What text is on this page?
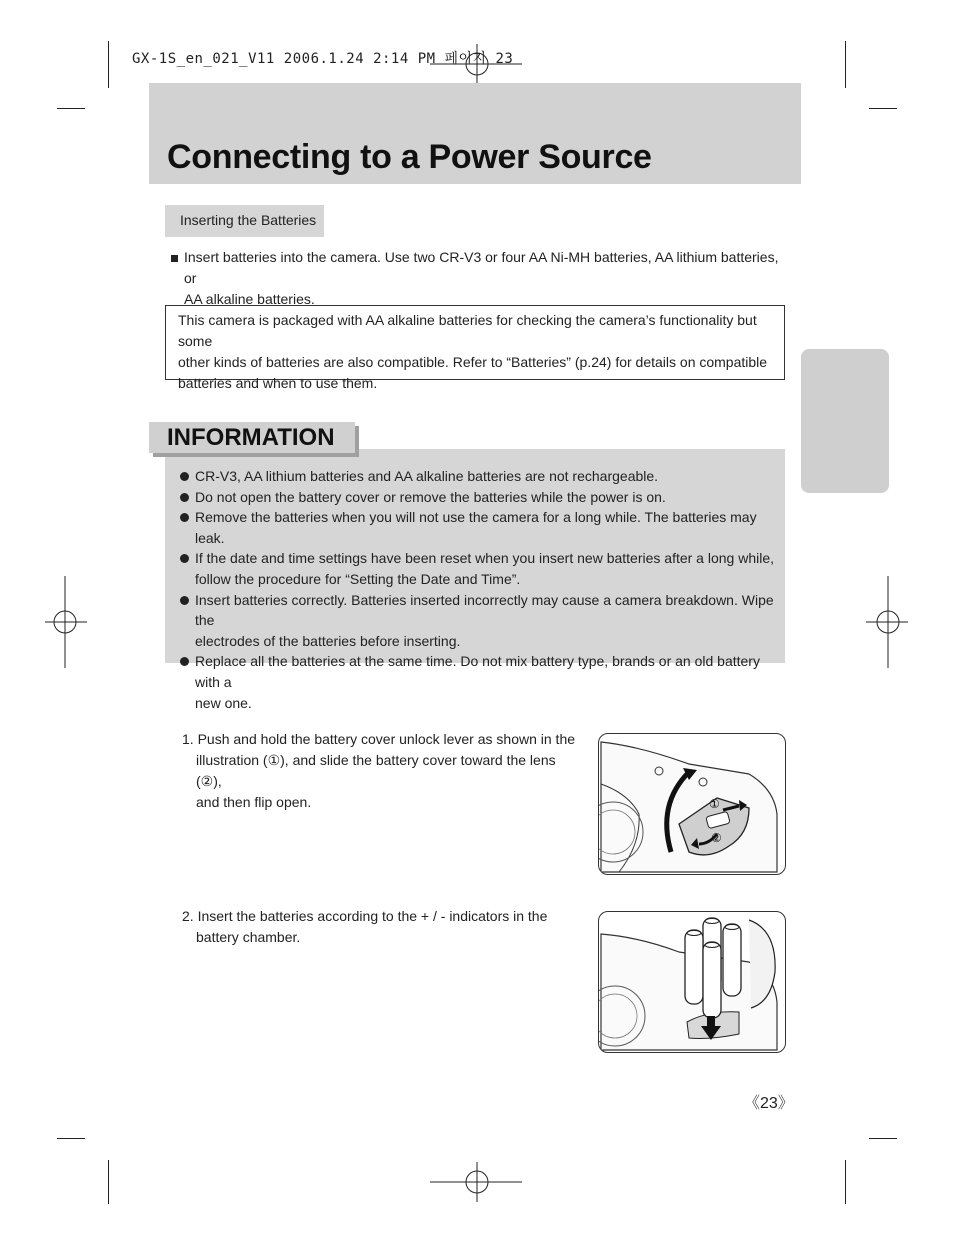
GX-1S_en_021_V11 2006.1.24 2:14 PM 페이지 23
Connecting to a Power Source
Inserting the Batteries
Insert batteries into the camera. Use two CR-V3 or four AA Ni-MH batteries, AA lithium batteries, or
AA alkaline batteries.
This camera is packaged with AA alkaline batteries for checking the camera’s functionality but some
other kinds of batteries are also compatible. Refer to “Batteries” (p.24) for details on compatible
batteries and when to use them.
INFORMATION
CR-V3, AA lithium batteries and AA alkaline batteries are not rechargeable.
Do not open the battery cover or remove the batteries while the power is on.
Remove the batteries when you will not use the camera for a long while. The batteries may leak.
If the date and time settings have been reset when you insert new batteries after a long while,
follow the procedure for “Setting the Date and Time”.
Insert batteries correctly. Batteries inserted incorrectly may cause a camera breakdown. Wipe the
electrodes of the batteries before inserting.
Replace all the batteries at the same time. Do not mix battery type, brands or an old battery with a
new one.
1. Push and hold the battery cover unlock lever as shown in the
illustration (①), and slide the battery cover toward the lens (②),
and then flip open.
2. Insert the batteries according to the + / - indicators in the
battery chamber.
①
②
《23》
